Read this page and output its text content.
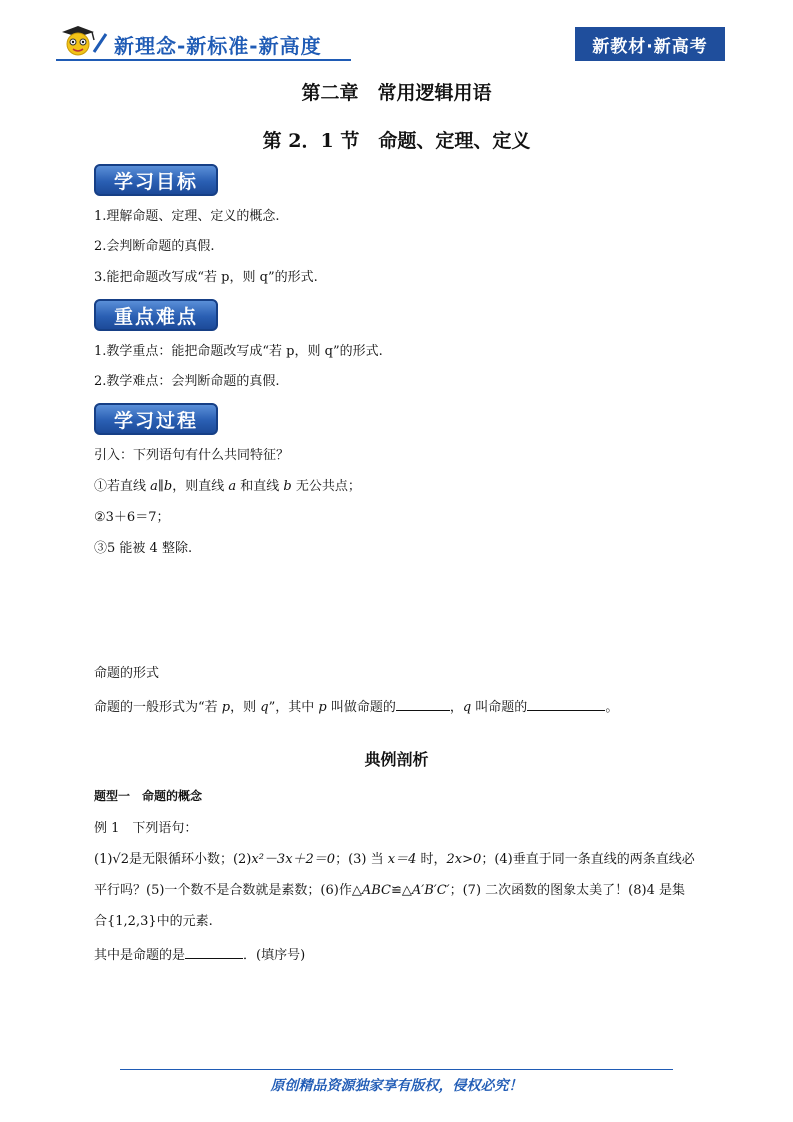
新理念-新标准-新高度	新教材·新高考
第二章　常用逻辑用语
第 2．1 节　命题、定理、定义
学习目标
1.理解命题、定理、定义的概念.
2.会判断命题的真假.
3.能把命题改写成“若 p，则 q”的形式.
重点难点
1.教学重点：能把命题改写成“若 p，则 q”的形式.
2.教学难点：会判断命题的真假.
学习过程
引入：下列语句有什么共同特征？
①若直线 a∥b，则直线 a 和直线 b 无公共点；
②3＋6＝7；
③5 能被 4 整除.
命题的形式
命题的一般形式为“若 p，则 q”，其中 p 叫做命题的	，q 叫命题的	。
典例剖析
题型一　命题的概念
例 1　下列语句：
(1)√2是无限循环小数；(2)x²－3x＋2＝0；(3) 当 x＝4 时，2x>0；(4)垂直于同一条直线的两条直线必
平行吗？(5)一个数不是合数就是素数；(6)作△ABC≌△A′B′C′；(7) 二次函数的图象太美了！(8)4 是集
合{1,2,3}中的元素.
其中是命题的是	．(填序号)
原创精品资源独家享有版权，侵权必究！
